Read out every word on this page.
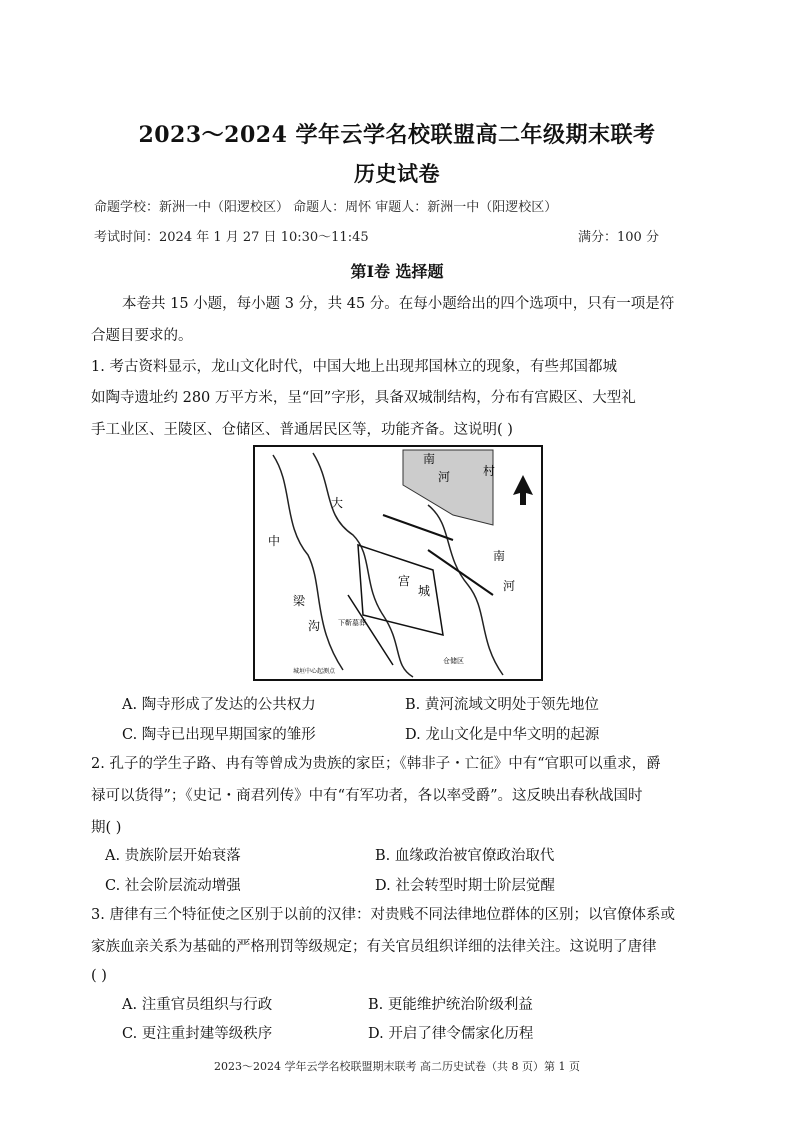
2023～2024 学年云学名校联盟高二年级期末联考
历史试卷
命题学校：新洲一中（阳逻校区） 命题人：周怀 审题人：新洲一中（阳逻校区）
考试时间：2024 年 1 月 27 日 10:30～11:45	满分：100 分
第Ⅰ卷 选择题
本卷共 15 小题，每小题 3 分，共 45 分。在每小题给出的四个选项中，只有一项是符
合题目要求的。
1. 考古资料显示，龙山文化时代，中国大地上出现邦国林立的现象，有些邦国都城
如陶寺遗址约 280 万平方米，呈“回”字形，具备双城制结构，分布有宫殿区、大型礼
手工业区、王陵区、仓储区、普通居民区等，功能齐备。这说明( )
南
河	村
大
中
梁
沟
宫
城
南
河
下靳墓葬
仓储区
城垣中心起测点
A. 陶寺形成了发达的公共权力	B. 黄河流域文明处于领先地位
C. 陶寺已出现早期国家的雏形	D. 龙山文化是中华文明的起源
2. 孔子的学生子路、冉有等曾成为贵族的家臣；《韩非子・亡征》中有“官职可以重求，爵
禄可以货得”；《史记・商君列传》中有“有军功者，各以率受爵”。这反映出春秋战国时
期( )
A. 贵族阶层开始衰落	B. 血缘政治被官僚政治取代
C. 社会阶层流动增强	D. 社会转型时期士阶层觉醒
3. 唐律有三个特征使之区别于以前的汉律：对贵贱不同法律地位群体的区别；以官僚体系或
家族血亲关系为基础的严格刑罚等级规定；有关官员组织详细的法律关注。这说明了唐律
( )
A. 注重官员组织与行政	B. 更能维护统治阶级利益
C. 更注重封建等级秩序	D. 开启了律令儒家化历程
2023～2024 学年云学名校联盟期末联考 高二历史试卷（共 8 页）第 1 页
